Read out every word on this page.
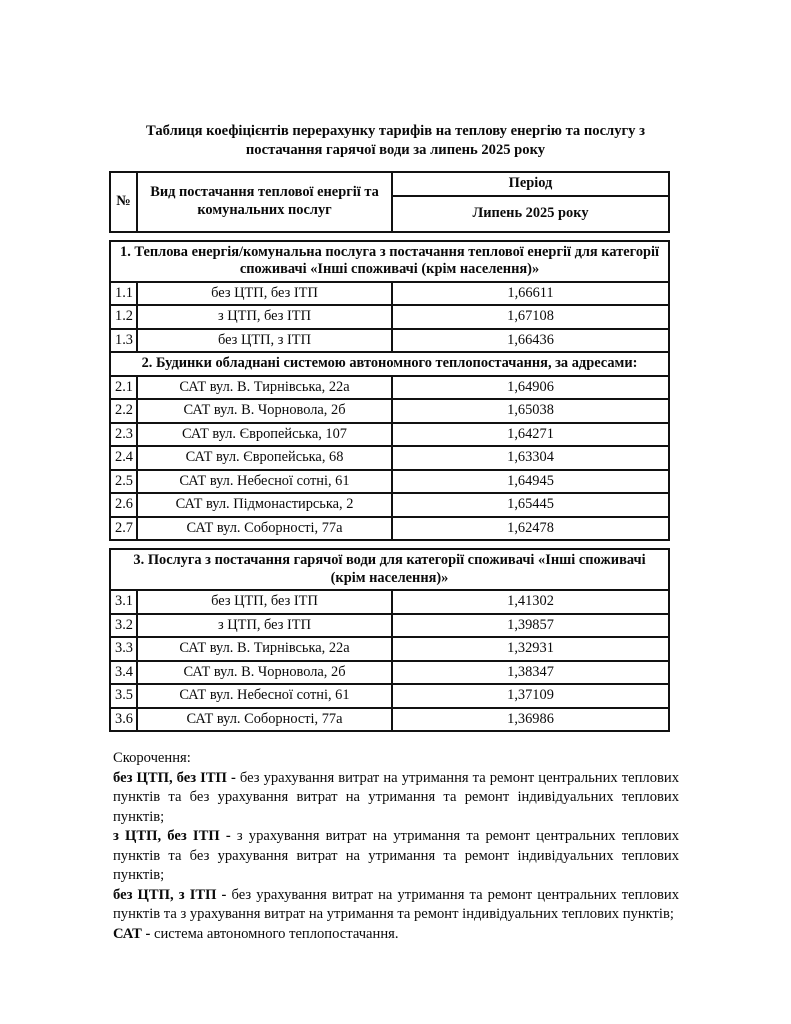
Таблиця коефіцієнтів перерахунку тарифів на теплову енергію та послугу з постачання гарячої води за липень 2025 року
№	Вид постачання теплової енергії та комунальних послуг	Період
Липень 2025 року
1. Теплова енергія/комунальна послуга з постачання теплової енергії для категорії споживачі «Інші споживачі (крім населення)»		
1.1	без ЦТП, без ІТП	1,66611
1.2	з ЦТП, без ІТП	1,67108
1.3	без ЦТП, з ІТП	1,66436
2. Будинки обладнані системою автономного теплопостачання, за адресами:		
2.1	САТ вул. В. Тирнівська, 22а	1,64906
2.2	САТ вул. В. Чорновола, 2б	1,65038
2.3	САТ вул. Європейська, 107	1,64271
2.4	САТ вул. Європейська, 68	1,63304
2.5	САТ вул. Небесної сотні, 61	1,64945
2.6	САТ вул. Підмонастирська, 2	1,65445
2.7	САТ вул. Соборності, 77а	1,62478
3. Послуга з постачання гарячої води для категорії споживачі «Інші споживачі (крім населення)»		
3.1	без ЦТП, без ІТП	1,41302
3.2	з ЦТП, без ІТП	1,39857
3.3	САТ вул. В. Тирнівська, 22а	1,32931
3.4	САТ вул. В. Чорновола, 2б	1,38347
3.5	САТ вул. Небесної сотні, 61	1,37109
3.6	САТ вул. Соборності, 77а	1,36986
Скорочення:

без ЦТП, без ІТП - без урахування витрат на утримання та ремонт центральних теплових пунктів та без урахування витрат на утримання та ремонт індивідуальних теплових пунктів;

з ЦТП, без ІТП - з урахування витрат на утримання та ремонт центральних теплових пунктів та без урахування витрат на утримання та ремонт індивідуальних теплових пунктів;

без ЦТП, з ІТП - без урахування витрат на утримання та ремонт центральних теплових пунктів та з урахування витрат на утримання та ремонт індивідуальних теплових пунктів;

САТ - система автономного теплопостачання.
